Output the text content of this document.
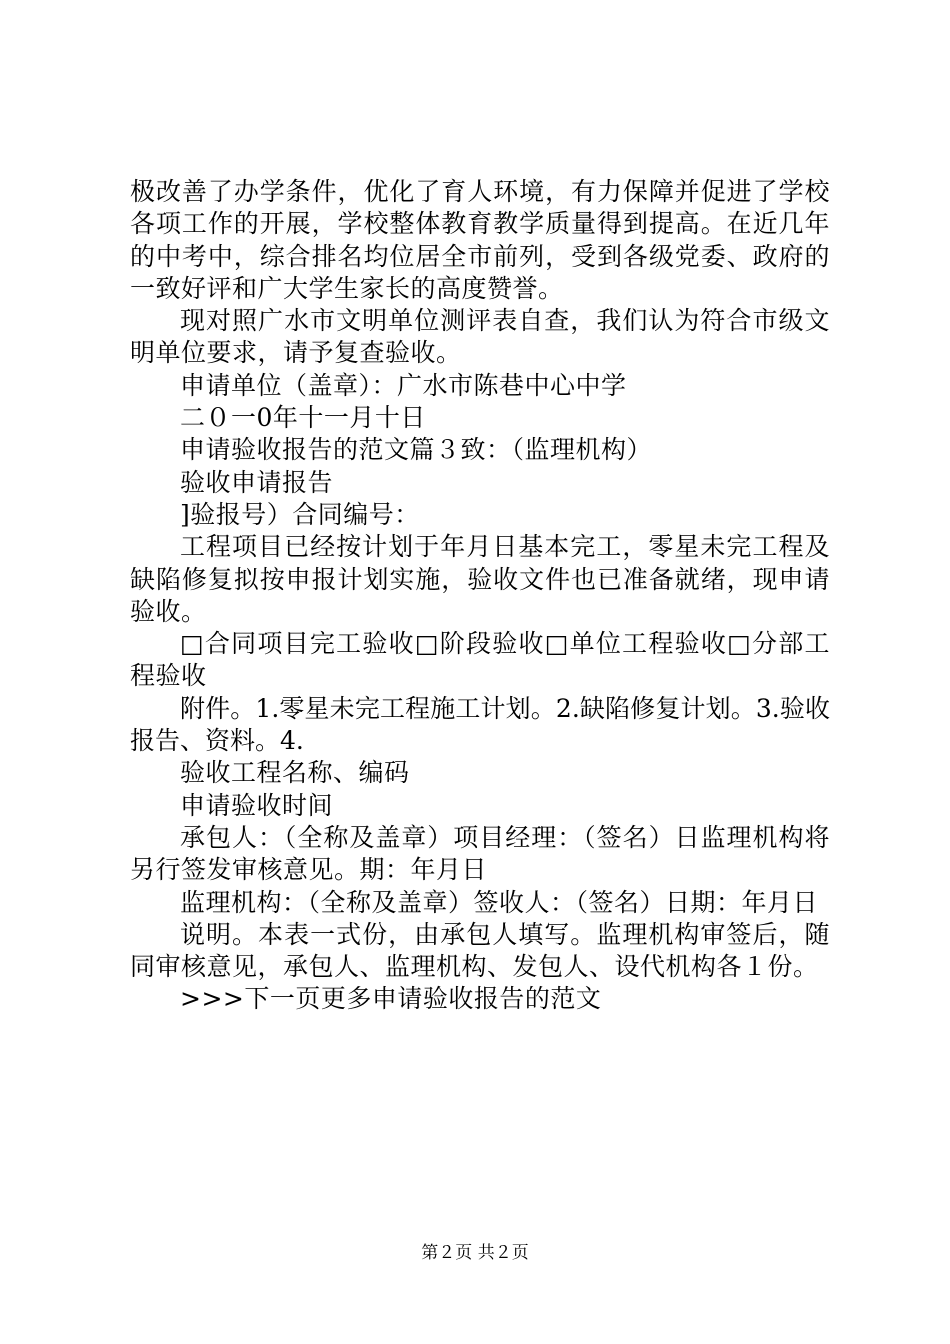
极改善了办学条件，优化了育人环境，有力保障并促进了学校各项工作的开展，学校整体教育教学质量得到提高。在近几年的中考中，综合排名均位居全市前列，受到各级党委、政府的一致好评和广大学生家长的高度赞誉。

现对照广水市文明单位测评表自查，我们认为符合市级文明单位要求，请予复查验收。

申请单位（盖章）：广水市陈巷中心中学

二０一0年十一月十日

申请验收报告的范文篇３致：（监理机构）

验收申请报告

]验报号）合同编号：

工程项目已经按计划于年月日基本完工，零星未完工程及缺陷修复拟按申报计划实施，验收文件也已准备就绪，现申请验收。

□合同项目完工验收□阶段验收□单位工程验收□分部工程验收

附件。1.零星未完工程施工计划。2.缺陷修复计划。3.验收报告、资料。4.

验收工程名称、编码

申请验收时间

承包人：（全称及盖章）项目经理：（签名）日监理机构将另行签发审核意见。期：年月日

监理机构：（全称及盖章）签收人：（签名）日期：年月日

说明。本表一式份，由承包人填写。监理机构审签后，随同审核意见，承包人、监理机构、发包人、设代机构各１份。

>>>下一页更多申请验收报告的范文

第２页 共２页
